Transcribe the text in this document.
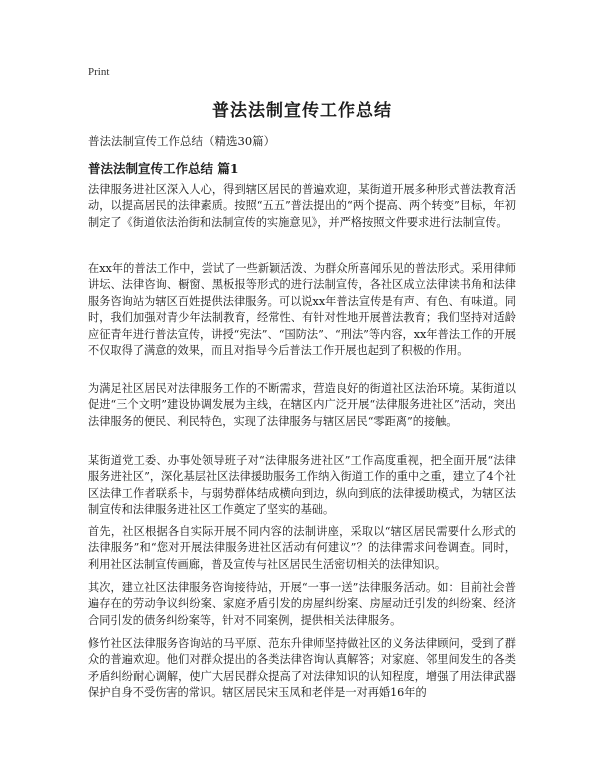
Print
普法法制宣传工作总结
普法法制宣传工作总结（精选30篇）
普法法制宣传工作总结 篇1

法律服务进社区深入人心，得到辖区居民的普遍欢迎，某街道开展多种形式普法教育活动，以提高居民的法律素质。按照“五五”普法提出的“两个提高、两个转变”目标，年初制定了《街道依法治街和法制宣传的实施意见》，并严格按照文件要求进行法制宣传。

在xx年的普法工作中，尝试了一些新颖活泼、为群众所喜闻乐见的普法形式。采用律师讲坛、法律咨询、橱窗、黑板报等形式的进行法制宣传，各社区成立法律读书角和法律服务咨询站为辖区百姓提供法律服务。可以说xx年普法宣传是有声、有色、有味道。同时，我们加强对青少年法制教育，经常性、有针对性地开展普法教育；我们坚持对适龄应征青年进行普法宣传，讲授“宪法”、“国防法”、“刑法”等内容，xx年普法工作的开展不仅取得了满意的效果，而且对指导今后普法工作开展也起到了积极的作用。

为满足社区居民对法律服务工作的不断需求，营造良好的街道社区法治环境。某街道以促进“三个文明”建设协调发展为主线，在辖区内广泛开展“法律服务进社区”活动，突出法律服务的便民、利民特色，实现了法律服务与辖区居民“零距离”的接触。

某街道党工委、办事处领导班子对“法律服务进社区”工作高度重视，把全面开展“法律服务进社区”，深化基层社区法律援助服务工作纳入街道工作的重中之重，建立了4个社区法律工作者联系卡，与弱势群体结成横向到边，纵向到底的法律援助模式，为辖区法制宣传和法律服务进社区工作奠定了坚实的基础。

首先，社区根据各自实际开展不同内容的法制讲座，采取以“辖区居民需要什么形式的法律服务”和“您对开展法律服务进社区活动有何建议”？的法律需求问卷调查。同时，利用社区法制宣传画廊，普及宣传与社区居民生活密切相关的法律知识。

其次，建立社区法律服务咨询接待站，开展“一事一送”法律服务活动。如：目前社会普遍存在的劳动争议纠纷案、家庭矛盾引发的房屋纠纷案、房屋动迁引发的纠纷案、经济合同引发的债务纠纷案等，针对不同案例，提供相关法律服务。

修竹社区法律服务咨询站的马平原、范东升律师坚持做社区的义务法律顾问，受到了群众的普遍欢迎。他们对群众提出的各类法律咨询认真解答；对家庭、邻里间发生的各类矛盾纠纷耐心调解，使广大居民群众提高了对法律知识的认知程度，增强了用法律武器保护自身不受伤害的常识。辖区居民宋玉凤和老伴是一对再婚16年的
